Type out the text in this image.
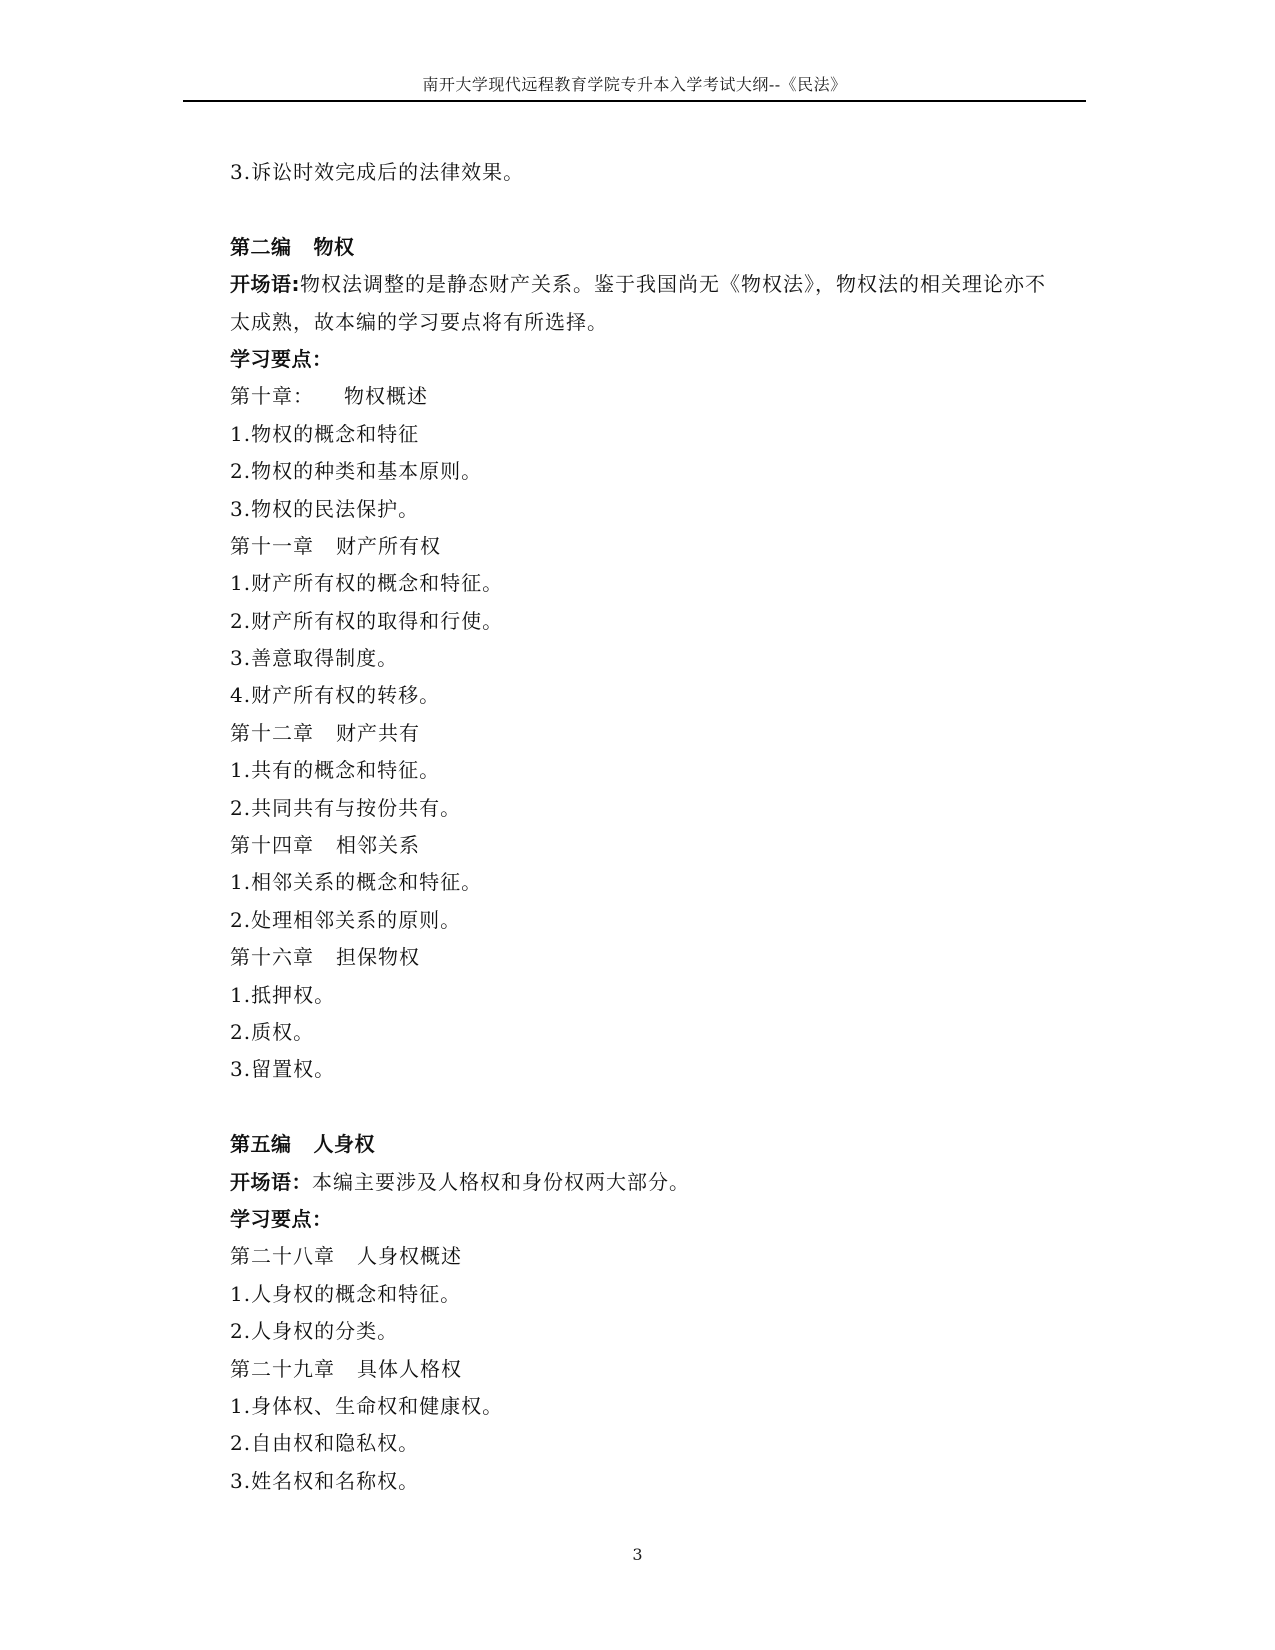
南开大学现代远程教育学院专升本入学考试大纲--《民法》
3.诉讼时效完成后的法律效果。
第二编 物权
开场语:物权法调整的是静态财产关系。鉴于我国尚无《物权法》，物权法的相关理论亦不
太成熟，故本编的学习要点将有所选择。
学习要点：
第十章： 物权概述
1.物权的概念和特征
2.物权的种类和基本原则。
3.物权的民法保护。
第十一章 财产所有权
1.财产所有权的概念和特征。
2.财产所有权的取得和行使。
3.善意取得制度。
4.财产所有权的转移。
第十二章 财产共有
1.共有的概念和特征。
2.共同共有与按份共有。
第十四章 相邻关系
1.相邻关系的概念和特征。
2.处理相邻关系的原则。
第十六章 担保物权
1.抵押权。
2.质权。
3.留置权。
第五编 人身权
开场语：本编主要涉及人格权和身份权两大部分。
学习要点：
第二十八章 人身权概述
1.人身权的概念和特征。
2.人身权的分类。
第二十九章 具体人格权
1.身体权、生命权和健康权。
2.自由权和隐私权。
3.姓名权和名称权。
3
